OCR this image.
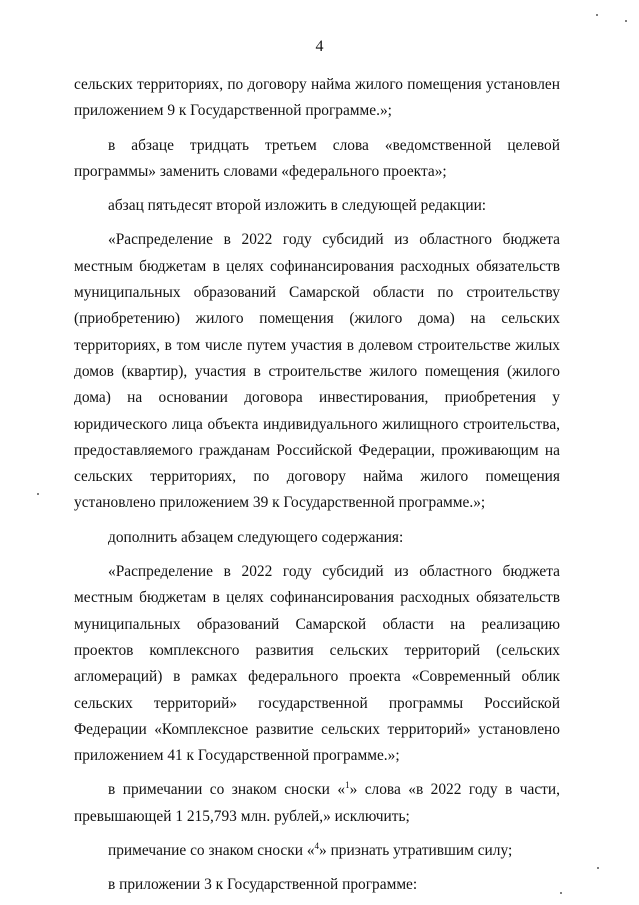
4

сельских территориях, по договору найма жилого помещения установлен приложением 9 к Государственной программе.»;

в абзаце тридцать третьем слова «ведомственной целевой программы» заменить словами «федерального проекта»;

абзац пятьдесят второй изложить в следующей редакции:

«Распределение в 2022 году субсидий из областного бюджета местным бюджетам в целях софинансирования расходных обязательств муниципальных образований Самарской области по строительству (приобретению) жилого помещения (жилого дома) на сельских территориях, в том числе путем участия в долевом строительстве жилых домов (квартир), участия в строительстве жилого помещения (жилого дома) на основании договора инвестирования, приобретения у юридического лица объекта индивидуального жилищного строительства, предоставляемого гражданам Российской Федерации, проживающим на сельских территориях, по договору найма жилого помещения установлено приложением 39 к Государственной программе.»;

дополнить абзацем следующего содержания:

«Распределение в 2022 году субсидий из областного бюджета местным бюджетам в целях софинансирования расходных обязательств муниципальных образований Самарской области на реализацию проектов комплексного развития сельских территорий (сельских агломераций) в рамках федерального проекта «Современный облик сельских территорий» государственной программы Российской Федерации «Комплексное развитие сельских территорий» установлено приложением 41 к Государственной программе.»;

в примечании со знаком сноски «$^1$» слова «в 2022 году в части, превышающей 1 215,793 млн. рублей,» исключить;

примечание со знаком сноски «$^4$» признать утратившим силу;

в приложении 3 к Государственной программе:
